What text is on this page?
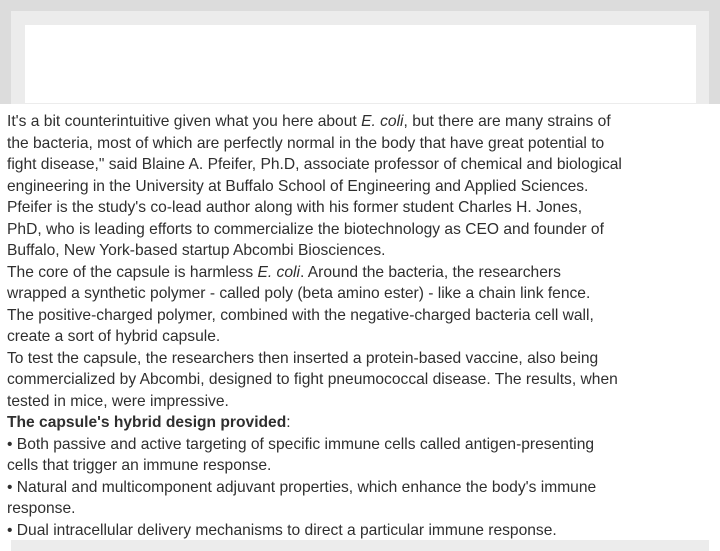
It's a bit counterintuitive given what you here about E. coli, but there are many strains of
the bacteria, most of which are perfectly normal in the body that have great potential to
fight disease," said Blaine A. Pfeifer, Ph.D, associate professor of chemical and biological
engineering in the University at Buffalo School of Engineering and Applied Sciences.
Pfeifer is the study's co-lead author along with his former student Charles H. Jones,
PhD, who is leading efforts to commercialize the biotechnology as CEO and founder of
Buffalo, New York-based startup Abcombi Biosciences.
The core of the capsule is harmless E. coli. Around the bacteria, the researchers
wrapped a synthetic polymer - called poly (beta amino ester) - like a chain link fence.
The positive-charged polymer, combined with the negative-charged bacteria cell wall,
create a sort of hybrid capsule.
To test the capsule, the researchers then inserted a protein-based vaccine, also being
commercialized by Abcombi, designed to fight pneumococcal disease. The results, when
tested in mice, were impressive.
The capsule's hybrid design provided:
• Both passive and active targeting of specific immune cells called antigen-presenting
cells that trigger an immune response.
• Natural and multicomponent adjuvant properties, which enhance the body's immune
response.
• Dual intracellular delivery mechanisms to direct a particular immune response.
